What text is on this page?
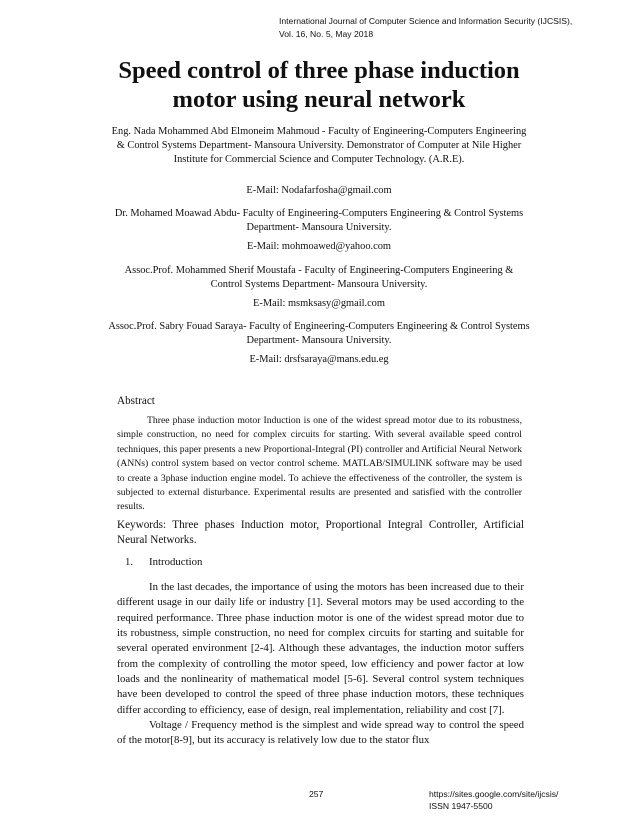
International Journal of Computer Science and Information Security (IJCSIS),
Vol. 16, No. 5, May 2018
Speed control of three phase induction
motor using neural network
Eng. Nada Mohammed Abd Elmoneim Mahmoud - Faculty of Engineering-Computers Engineering & Control Systems Department- Mansoura University. Demonstrator of Computer at Nile Higher Institute for Commercial Science and Computer Technology. (A.R.E).
E-Mail: Nodafarfosha@gmail.com
Dr. Mohamed Moawad Abdu- Faculty of Engineering-Computers Engineering & Control Systems Department- Mansoura University.
E-Mail: mohmoawed@yahoo.com
Assoc.Prof. Mohammed Sherif Moustafa - Faculty of Engineering-Computers Engineering & Control Systems Department- Mansoura University.
E-Mail: msmksasy@gmail.com
Assoc.Prof. Sabry Fouad Saraya- Faculty of Engineering-Computers Engineering & Control Systems Department- Mansoura University.
E-Mail: drsfsaraya@mans.edu.eg
Abstract
Three phase induction motor Induction is one of the widest spread motor due to its robustness, simple construction, no need for complex circuits for starting. With several available speed control techniques, this paper presents a new Proportional-Integral (PI) controller and Artificial Neural Network (ANNs) control system based on vector control scheme. MATLAB/SIMULINK software may be used to create a 3phase induction engine model. To achieve the effectiveness of the controller, the system is subjected to external disturbance. Experimental results are presented and satisfied with the controller results.
Keywords: Three phases Induction motor, Proportional Integral Controller, Artificial Neural Networks.
1. Introduction
In the last decades, the importance of using the motors has been increased due to their different usage in our daily life or industry [1]. Several motors may be used according to the required performance. Three phase induction motor is one of the widest spread motor due to its robustness, simple construction, no need for complex circuits for starting and suitable for several operated environment [2-4]. Although these advantages, the induction motor suffers from the complexity of controlling the motor speed, low efficiency and power factor at low loads and the nonlinearity of mathematical model [5-6]. Several control system techniques have been developed to control the speed of three phase induction motors, these techniques differ according to efficiency, ease of design, real implementation, reliability and cost [7].
Voltage / Frequency method is the simplest and wide spread way to control the speed of the motor[8-9], but its accuracy is relatively low due to the stator flux
257	https://sites.google.com/site/ijcsis/
ISSN 1947-5500
